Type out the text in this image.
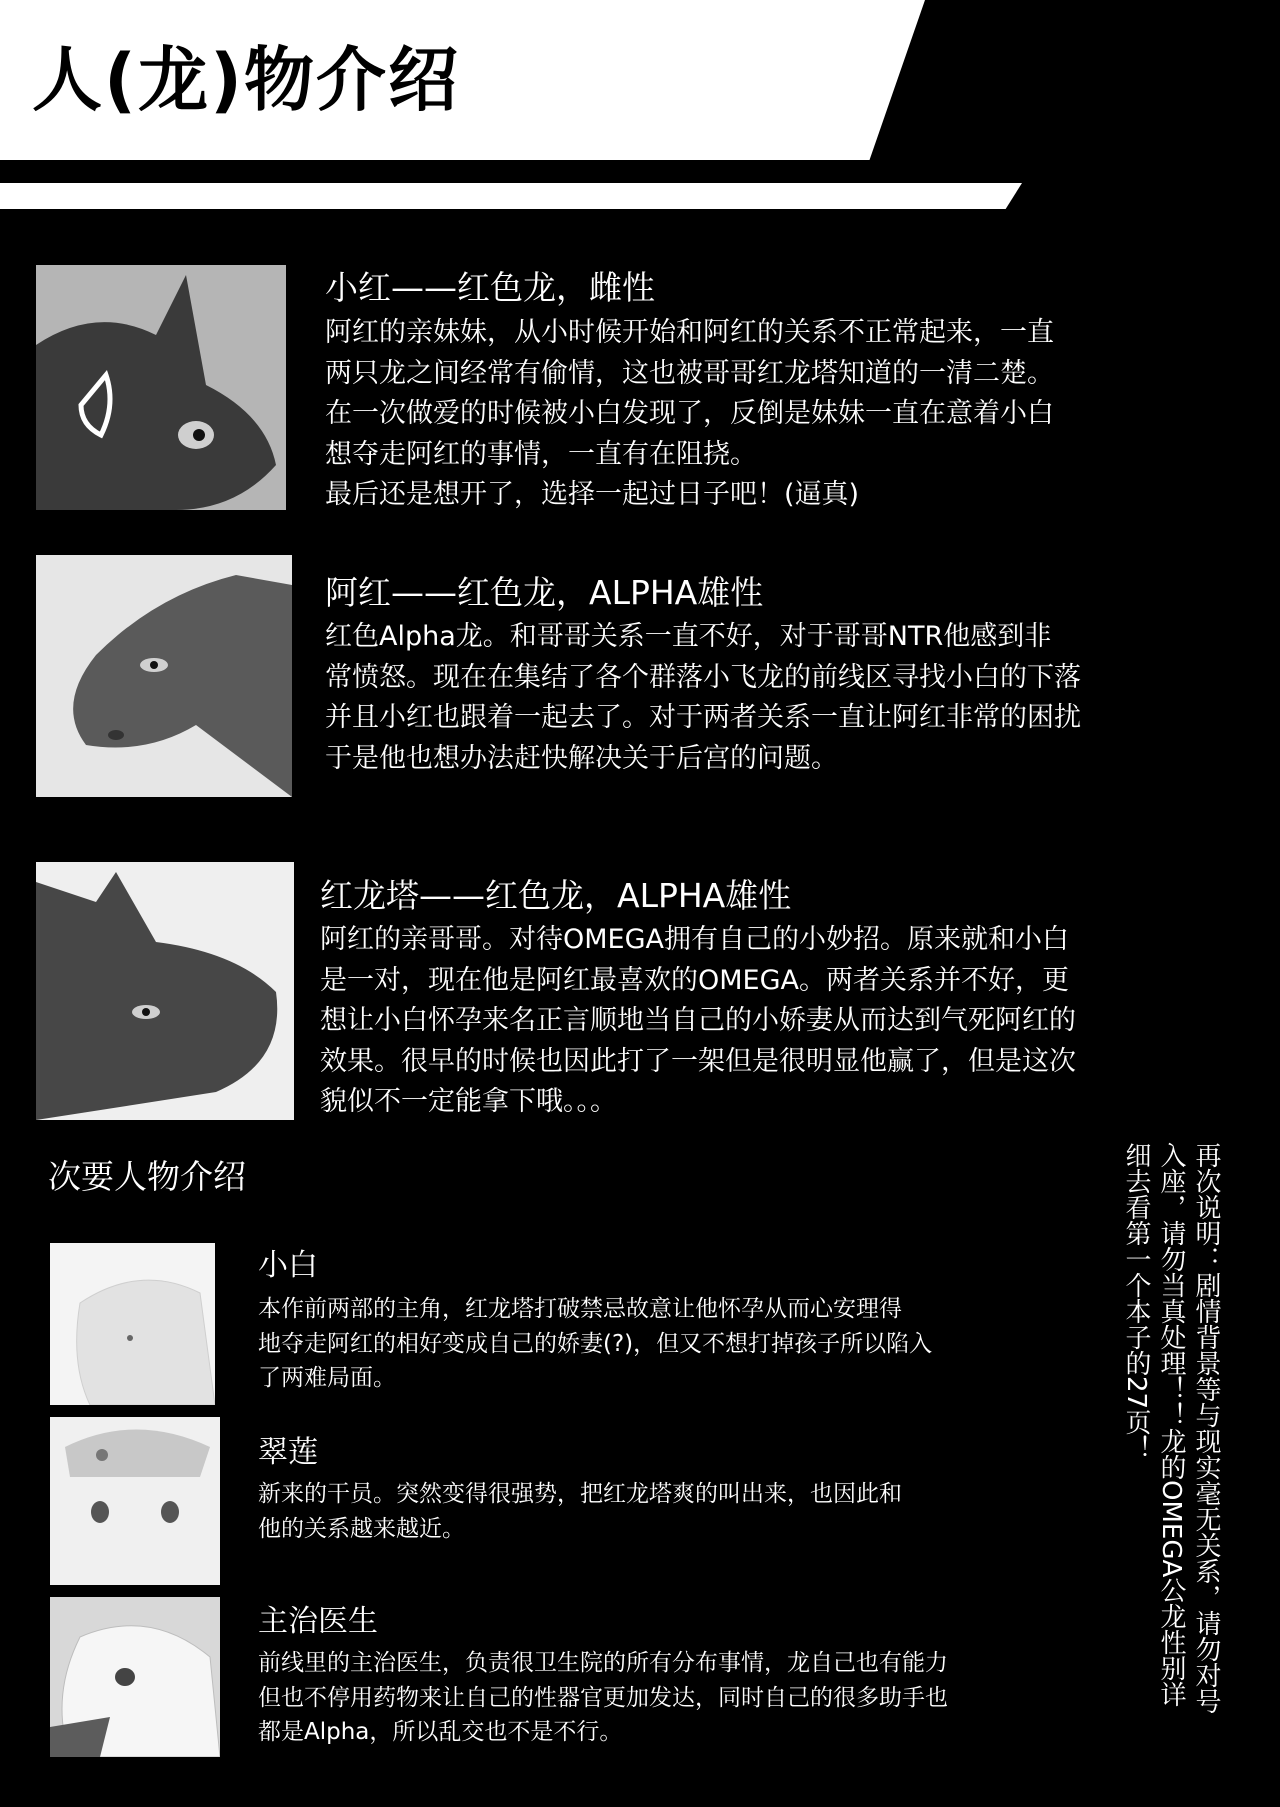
人(龙)物介绍
小红——红色龙，雌性
阿红的亲妹妹，从小时候开始和阿红的关系不正常起来，一直
两只龙之间经常有偷情，这也被哥哥红龙塔知道的一清二楚。
在一次做爱的时候被小白发现了，反倒是妹妹一直在意着小白
想夺走阿红的事情，一直有在阻挠。
最后还是想开了，选择一起过日子吧！(逼真)
阿红——红色龙，ALPHA雄性
红色Alpha龙。和哥哥关系一直不好，对于哥哥NTR他感到非
常愤怒。现在在集结了各个群落小飞龙的前线区寻找小白的下落
并且小红也跟着一起去了。对于两者关系一直让阿红非常的困扰
于是他也想办法赶快解决关于后宫的问题。
红龙塔——红色龙，ALPHA雄性
阿红的亲哥哥。对待OMEGA拥有自己的小妙招。原来就和小白
是一对，现在他是阿红最喜欢的OMEGA。两者关系并不好，更
想让小白怀孕来名正言顺地当自己的小娇妻从而达到气死阿红的
效果。很早的时候也因此打了一架但是很明显他赢了，但是这次
貌似不一定能拿下哦。。。
次要人物介绍
小白
本作前两部的主角，红龙塔打破禁忌故意让他怀孕从而心安理得
地夺走阿红的相好变成自己的娇妻(?)，但又不想打掉孩子所以陷入
了两难局面。
翠莲
新来的干员。突然变得很强势，把红龙塔爽的叫出来，也因此和
他的关系越来越近。
主治医生
前线里的主治医生，负责很卫生院的所有分布事情，龙自己也有能力
但也不停用药物来让自己的性器官更加发达，同时自己的很多助手也
都是Alpha，所以乱交也不是不行。
再次说明：剧情背景等与现实毫无关系，请勿对号
入座，请勿当真处理！！龙的OMEGA公龙性别详
细去看第一个本子的27页！
